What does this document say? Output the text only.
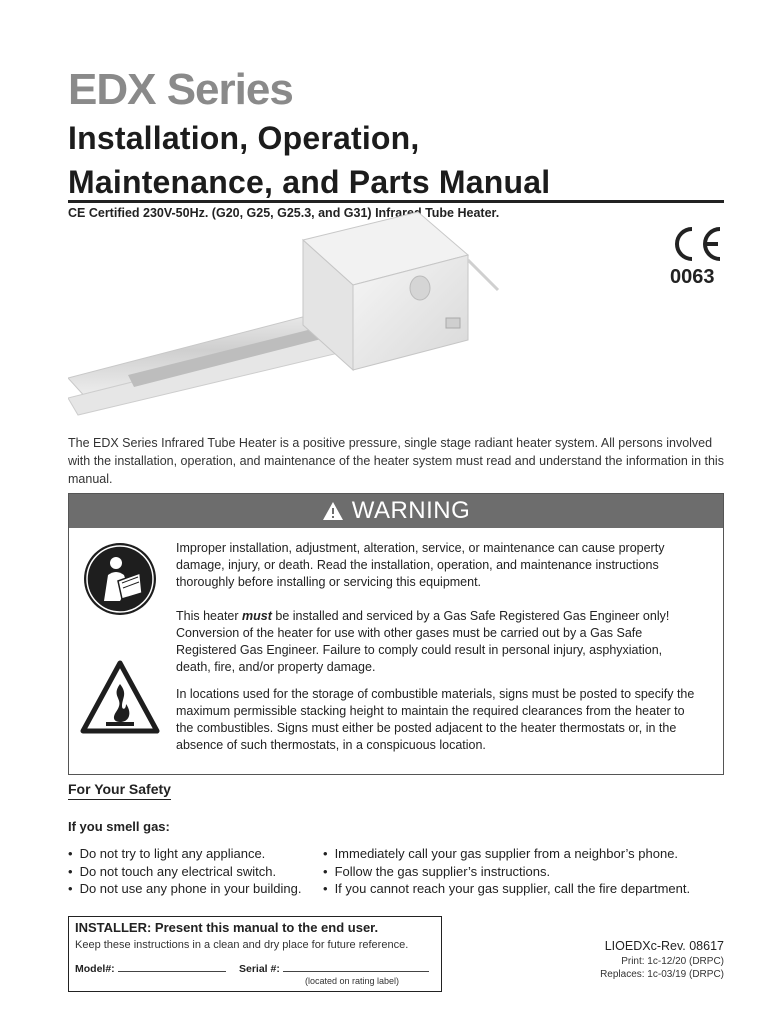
EDX Series
Installation, Operation,
Maintenance, and Parts Manual
CE Certified 230V-50Hz. (G20, G25, G25.3, and G31) Infrared Tube Heater.
0063
The EDX Series Infrared Tube Heater is a positive pressure, single stage radiant heater system. All persons involved with the installation, operation, and maintenance of the heater system must read and understand the information in this manual.
WARNING
Improper installation, adjustment, alteration, service, or maintenance can cause property damage, injury, or death. Read the installation, operation, and maintenance instructions thoroughly before installing or servicing this equipment.
This heater must be installed and serviced by a Gas Safe Registered Gas Engineer only! Conversion of the heater for use with other gases must be carried out by a Gas Safe Registered Gas Engineer. Failure to comply could result in personal injury, asphyxiation, death, fire, and/or property damage.
In locations used for the storage of combustible materials, signs must be posted to specify the maximum permissible stacking height to maintain the required clearances from the heater to the combustibles. Signs must either be posted adjacent to the heater thermostats or, in the absence of such thermostats, in a conspicuous location.
For Your Safety
If you smell gas:
• Do not try to light any appliance.
• Do not touch any electrical switch.
• Do not use any phone in your building.
• Immediately call your gas supplier from a neighbor’s phone.
• Follow the gas supplier’s instructions.
• If you cannot reach your gas supplier, call the fire department.
INSTALLER: Present this manual to the end user.
Keep these instructions in a clean and dry place for future reference.
Model#:	Serial #:
(located on rating label)
LIOEDXc-Rev. 08617
Print: 1c-12/20 (DRPC)
Replaces: 1c-03/19 (DRPC)
